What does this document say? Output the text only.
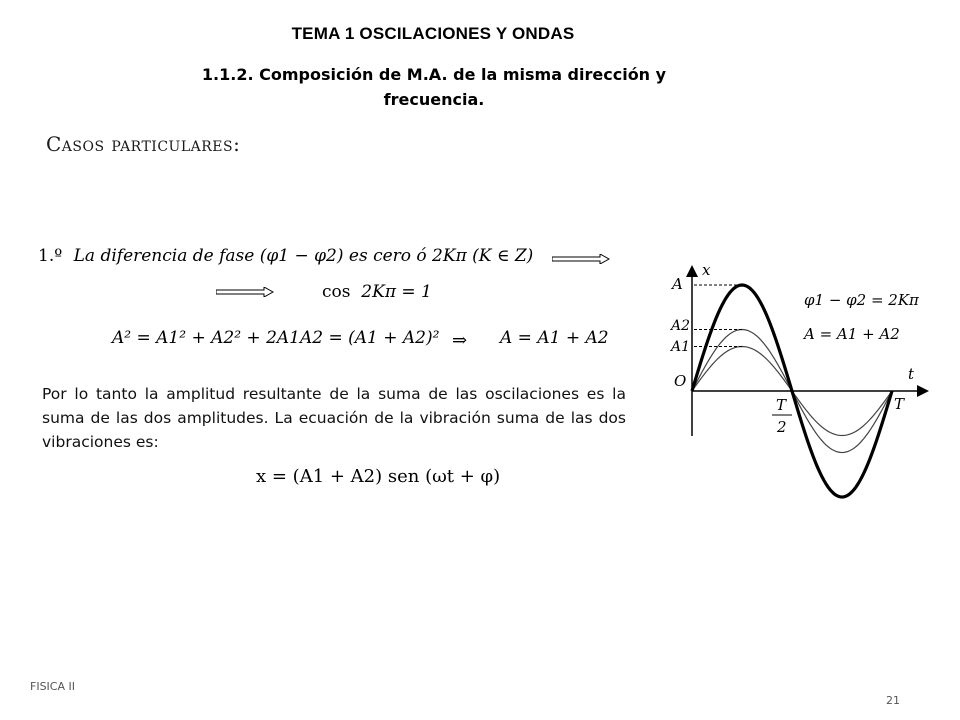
TEMA 1 OSCILACIONES Y ONDAS
1.1.2. Composición de M.A. de la misma dirección y frecuencia.
Casos particulares:
1.º La diferencia de fase (φ1 − φ2) es cero ó 2Kπ (K ∈ Z)
cos 2Kπ = 1
A² = A1² + A2² + 2A1A2 = (A1 + A2)² ⇒ A = A1 + A2
Por lo tanto la amplitud resultante de la suma de las oscilaciones es la suma de las dos amplitudes. La ecuación de la vibración suma de las dos vibraciones es:
x = (A1 + A2) sen (ωt + φ)
x
t
A
A2
A1
O
T
2
T
φ1 − φ2 = 2Kπ
A = A1 + A2
FISICA II
21
